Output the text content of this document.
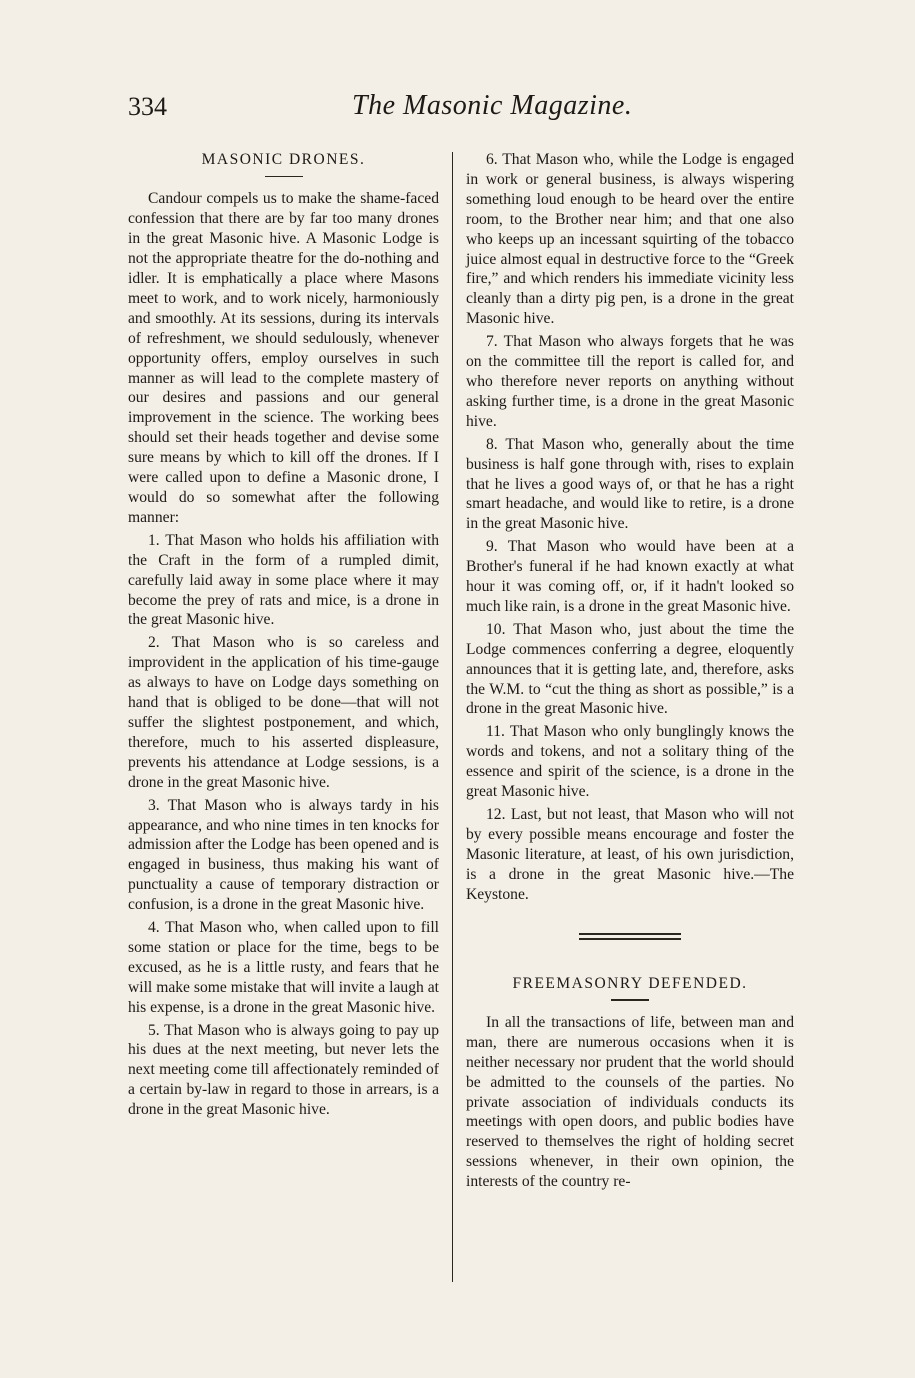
334	The Masonic Magazine.
MASONIC DRONES.

Candour compels us to make the shame-faced confession that there are by far too many drones in the great Masonic hive. A Masonic Lodge is not the appropriate theatre for the do-nothing and idler. It is emphatically a place where Masons meet to work, and to work nicely, harmoniously and smoothly. At its sessions, during its intervals of refreshment, we should sedulously, whenever opportunity offers, employ ourselves in such manner as will lead to the complete mastery of our desires and passions and our general improvement in the science. The working bees should set their heads together and devise some sure means by which to kill off the drones. If I were called upon to define a Masonic drone, I would do so somewhat after the following manner:

1. That Mason who holds his affiliation with the Craft in the form of a rumpled dimit, carefully laid away in some place where it may become the prey of rats and mice, is a drone in the great Masonic hive.

2. That Mason who is so careless and improvident in the application of his time-gauge as always to have on Lodge days something on hand that is obliged to be done—that will not suffer the slightest postponement, and which, therefore, much to his asserted displeasure, prevents his attendance at Lodge sessions, is a drone in the great Masonic hive.

3. That Mason who is always tardy in his appearance, and who nine times in ten knocks for admission after the Lodge has been opened and is engaged in business, thus making his want of punctuality a cause of temporary distraction or confusion, is a drone in the great Masonic hive.

4. That Mason who, when called upon to fill some station or place for the time, begs to be excused, as he is a little rusty, and fears that he will make some mistake that will invite a laugh at his expense, is a drone in the great Masonic hive.

5. That Mason who is always going to pay up his dues at the next meeting, but never lets the next meeting come till affectionately reminded of a certain by-law in regard to those in arrears, is a drone in the great Masonic hive.

6. That Mason who, while the Lodge is engaged in work or general business, is always wispering something loud enough to be heard over the entire room, to the Brother near him; and that one also who keeps up an incessant squirting of the tobacco juice almost equal in destructive force to the “Greek fire,” and which renders his immediate vicinity less cleanly than a dirty pig pen, is a drone in the great Masonic hive.

7. That Mason who always forgets that he was on the committee till the report is called for, and who therefore never reports on anything without asking further time, is a drone in the great Masonic hive.

8. That Mason who, generally about the time business is half gone through with, rises to explain that he lives a good ways of, or that he has a right smart headache, and would like to retire, is a drone in the great Masonic hive.

9. That Mason who would have been at a Brother's funeral if he had known exactly at what hour it was coming off, or, if it hadn't looked so much like rain, is a drone in the great Masonic hive.

10. That Mason who, just about the time the Lodge commences conferring a degree, eloquently announces that it is getting late, and, therefore, asks the W.M. to “cut the thing as short as possible,” is a drone in the great Masonic hive.

11. That Mason who only bunglingly knows the words and tokens, and not a solitary thing of the essence and spirit of the science, is a drone in the great Masonic hive.

12. Last, but not least, that Mason who will not by every possible means encourage and foster the Masonic literature, at least, of his own jurisdiction, is a drone in the great Masonic hive.—The Keystone.

FREEMASONRY DEFENDED.

In all the transactions of life, between man and man, there are numerous occasions when it is neither necessary nor prudent that the world should be admitted to the counsels of the parties. No private association of individuals conducts its meetings with open doors, and public bodies have reserved to themselves the right of holding secret sessions whenever, in their own opinion, the interests of the country re-
